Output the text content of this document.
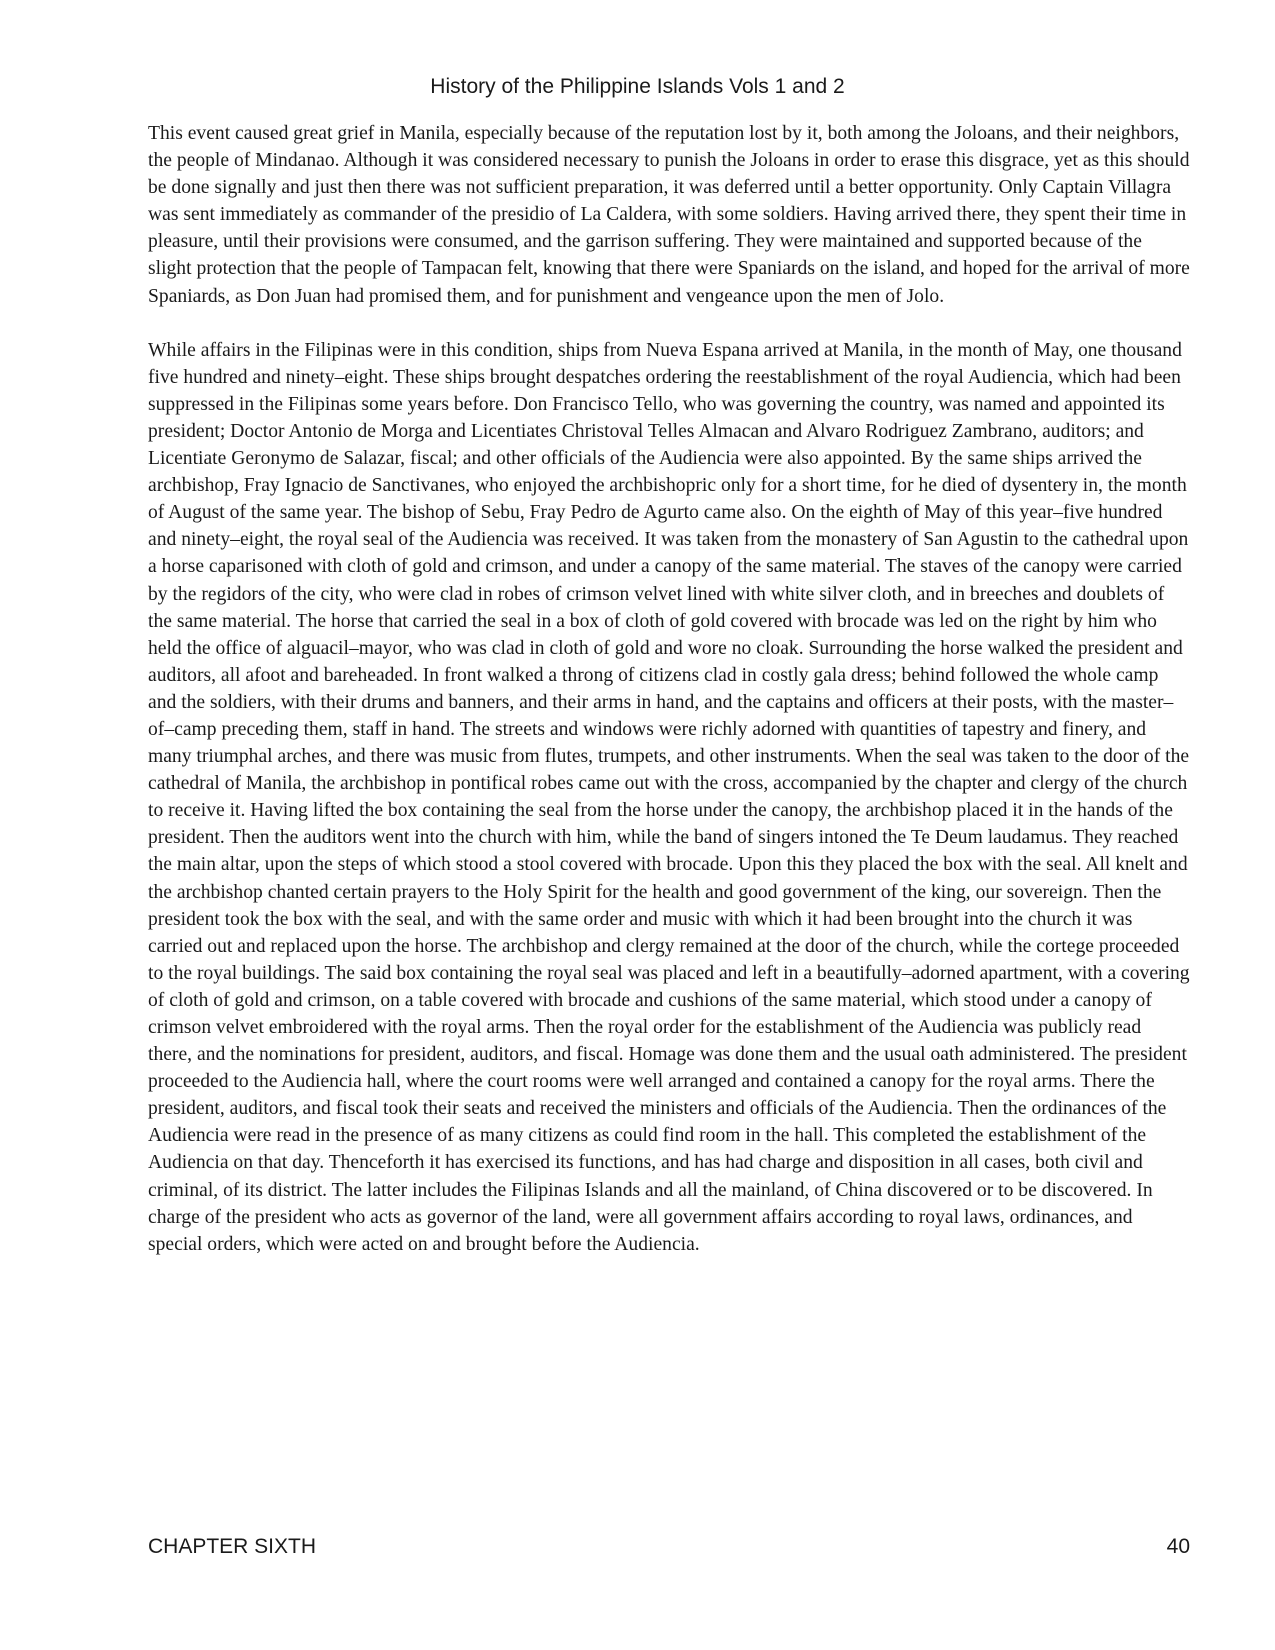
History of the Philippine Islands Vols 1 and 2

This event caused great grief in Manila, especially because of the reputation lost by it, both among the Joloans, and their neighbors, the people of Mindanao. Although it was considered necessary to punish the Joloans in order to erase this disgrace, yet as this should be done signally and just then there was not sufficient preparation, it was deferred until a better opportunity. Only Captain Villagra was sent immediately as commander of the presidio of La Caldera, with some soldiers. Having arrived there, they spent their time in pleasure, until their provisions were consumed, and the garrison suffering. They were maintained and supported because of the slight protection that the people of Tampacan felt, knowing that there were Spaniards on the island, and hoped for the arrival of more Spaniards, as Don Juan had promised them, and for punishment and vengeance upon the men of Jolo.

While affairs in the Filipinas were in this condition, ships from Nueva Espana arrived at Manila, in the month of May, one thousand five hundred and ninety–eight. These ships brought despatches ordering the reestablishment of the royal Audiencia, which had been suppressed in the Filipinas some years before. Don Francisco Tello, who was governing the country, was named and appointed its president; Doctor Antonio de Morga and Licentiates Christoval Telles Almacan and Alvaro Rodriguez Zambrano, auditors; and Licentiate Geronymo de Salazar, fiscal; and other officials of the Audiencia were also appointed. By the same ships arrived the archbishop, Fray Ignacio de Sanctivanes, who enjoyed the archbishopric only for a short time, for he died of dysentery in, the month of August of the same year. The bishop of Sebu, Fray Pedro de Agurto came also. On the eighth of May of this year–five hundred and ninety–eight, the royal seal of the Audiencia was received. It was taken from the monastery of San Agustin to the cathedral upon a horse caparisoned with cloth of gold and crimson, and under a canopy of the same material. The staves of the canopy were carried by the regidors of the city, who were clad in robes of crimson velvet lined with white silver cloth, and in breeches and doublets of the same material. The horse that carried the seal in a box of cloth of gold covered with brocade was led on the right by him who held the office of alguacil–mayor, who was clad in cloth of gold and wore no cloak. Surrounding the horse walked the president and auditors, all afoot and bareheaded. In front walked a throng of citizens clad in costly gala dress; behind followed the whole camp and the soldiers, with their drums and banners, and their arms in hand, and the captains and officers at their posts, with the master–of–camp preceding them, staff in hand. The streets and windows were richly adorned with quantities of tapestry and finery, and many triumphal arches, and there was music from flutes, trumpets, and other instruments. When the seal was taken to the door of the cathedral of Manila, the archbishop in pontifical robes came out with the cross, accompanied by the chapter and clergy of the church to receive it. Having lifted the box containing the seal from the horse under the canopy, the archbishop placed it in the hands of the president. Then the auditors went into the church with him, while the band of singers intoned the Te Deum laudamus. They reached the main altar, upon the steps of which stood a stool covered with brocade. Upon this they placed the box with the seal. All knelt and the archbishop chanted certain prayers to the Holy Spirit for the health and good government of the king, our sovereign. Then the president took the box with the seal, and with the same order and music with which it had been brought into the church it was carried out and replaced upon the horse. The archbishop and clergy remained at the door of the church, while the cortege proceeded to the royal buildings. The said box containing the royal seal was placed and left in a beautifully–adorned apartment, with a covering of cloth of gold and crimson, on a table covered with brocade and cushions of the same material, which stood under a canopy of crimson velvet embroidered with the royal arms. Then the royal order for the establishment of the Audiencia was publicly read there, and the nominations for president, auditors, and fiscal. Homage was done them and the usual oath administered. The president proceeded to the Audiencia hall, where the court rooms were well arranged and contained a canopy for the royal arms. There the president, auditors, and fiscal took their seats and received the ministers and officials of the Audiencia. Then the ordinances of the Audiencia were read in the presence of as many citizens as could find room in the hall. This completed the establishment of the Audiencia on that day. Thenceforth it has exercised its functions, and has had charge and disposition in all cases, both civil and criminal, of its district. The latter includes the Filipinas Islands and all the mainland, of China discovered or to be discovered. In charge of the president who acts as governor of the land, were all government affairs according to royal laws, ordinances, and special orders, which were acted on and brought before the Audiencia.

CHAPTER SIXTH	40
